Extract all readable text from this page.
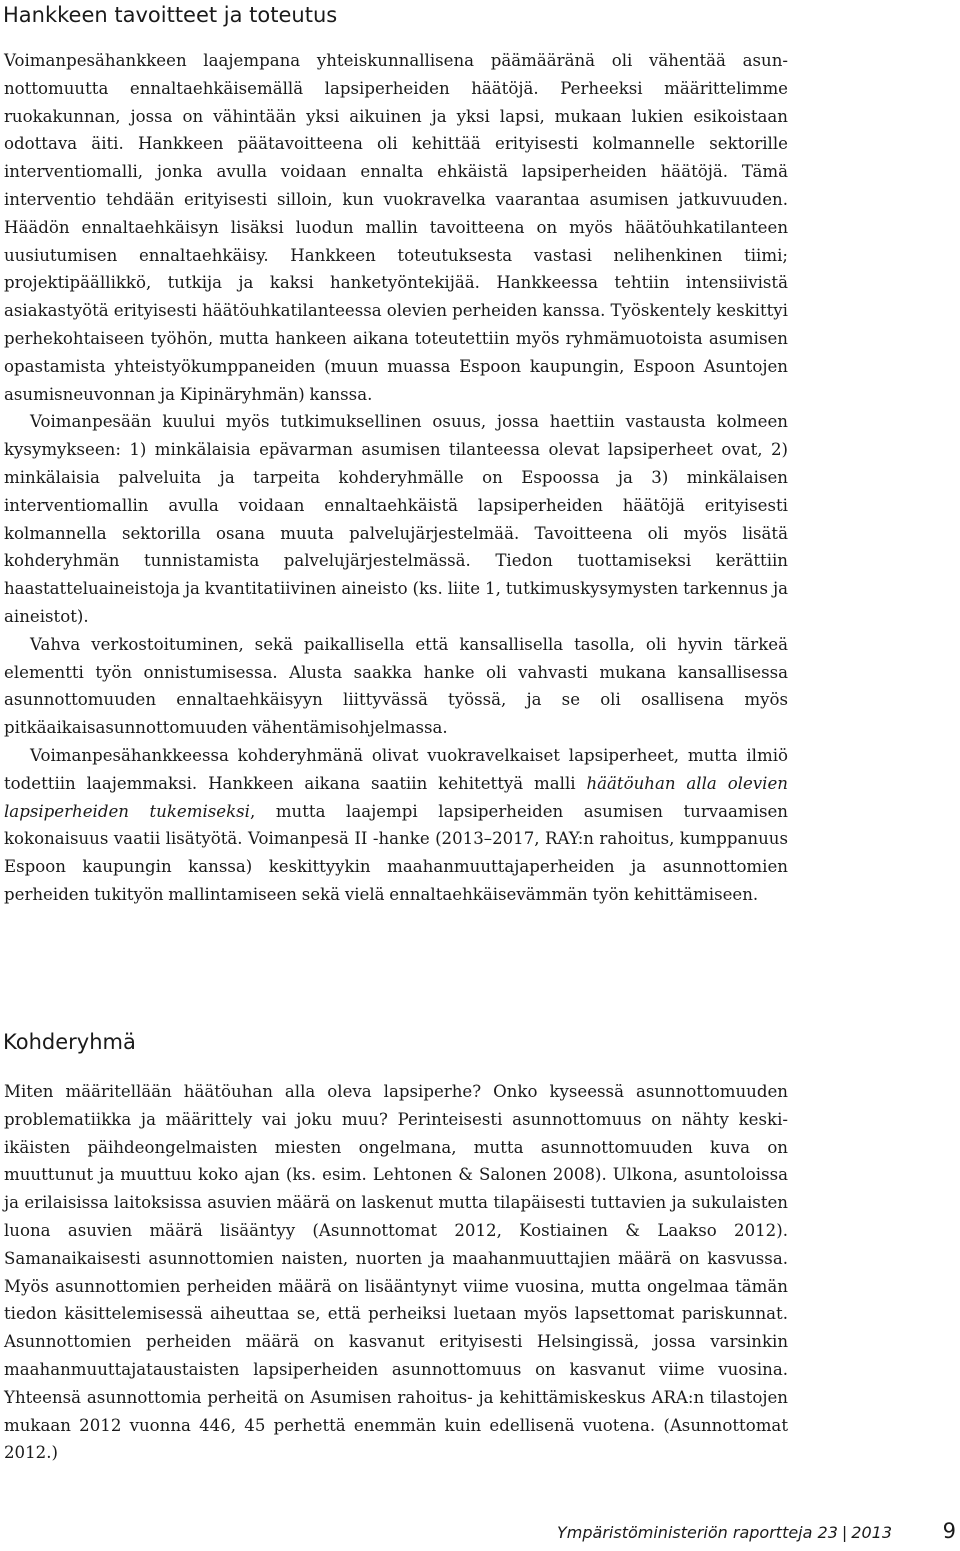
Hankkeen tavoitteet ja toteutus

Voimanpesähankkeen laajempana yhteiskunnallisena päämääränä oli vähentää asunnottomuutta ennaltaehkäisemällä lapsiperheiden häätöjä. Perheeksi määrittelimme ruokakunnan, jossa on vähintään yksi aikuinen ja yksi lapsi, mukaan lukien esikoistaan odottava äiti. Hankkeen päätavoitteena oli kehittää erityisesti kolmannelle sektorille interventiomalli, jonka avulla voidaan ennalta ehkäistä lapsiperheiden häätöjä. Tämä interventio tehdään erityisesti silloin, kun vuokravelka vaarantaa asumisen jatkuvuuden. Häädön ennaltaehkäisyn lisäksi luodun mallin tavoitteena on myös häätöuhkatilanteen uusiutumisen ennaltaehkäisy. Hankkeen toteutuksesta vastasi nelihenkinen tiimi; projektipäällikkö, tutkija ja kaksi hanketyöntekijää. Hankkeessa tehtiin intensiivistä asiakastyötä erityisesti häätöuhkatilanteessa olevien perheiden kanssa. Työskentely keskittyi perhekohtaiseen työhön, mutta hankeen aikana toteutettiin myös ryhmämuotoista asumisen opastamista yhteistyökumppaneiden (muun muassa Espoon kaupungin, Espoon Asuntojen asumisneuvonnan ja Kipinäryhmän) kanssa.

Voimanpesään kuului myös tutkimuksellinen osuus, jossa haettiin vastausta kolmeen kysymykseen: 1) minkälaisia epävarman asumisen tilanteessa olevat lapsiperheet ovat, 2) minkälaisia palveluita ja tarpeita kohderyhmälle on Espoossa ja 3) minkälaisen interventiomallin avulla voidaan ennaltaehkäistä lapsiperheiden häätöjä erityisesti kolmannella sektorilla osana muuta palvelujärjestelmää. Tavoitteena oli myös lisätä kohderyhmän tunnistamista palvelujärjestelmässä. Tiedon tuottamiseksi kerättiin haastatteluaineistoja ja kvantitatiivinen aineisto (ks. liite 1, tutkimuskysymysten tarkennus ja aineistot).

Vahva verkostoituminen, sekä paikallisella että kansallisella tasolla, oli hyvin tärkeä elementti työn onnistumisessa. Alusta saakka hanke oli vahvasti mukana kansallisessa asunnottomuuden ennaltaehkäisyyn liittyvässä työssä, ja se oli osallisena myös pitkäaikaisasunnottomuuden vähentämisohjelmassa.

Voimanpesähankkeessa kohderyhmänä olivat vuokravelkaiset lapsiperheet, mutta ilmiö todettiin laajemmaksi. Hankkeen aikana saatiin kehitettyä malli häätöuhan alla olevien lapsiperheiden tukemiseksi, mutta laajempi lapsiperheiden asumisen turvaamisen kokonaisuus vaatii lisätyötä. Voimanpesä II -hanke (2013–2017, RAY:n rahoitus, kumppanuus Espoon kaupungin kanssa) keskittyykin maahanmuuttajaperheiden ja asunnottomien perheiden tukityön mallintamiseen sekä vielä ennaltaehkäisevämmän työn kehittämiseen.

Kohderyhmä

Miten määritellään häätöuhan alla oleva lapsiperhe? Onko kyseessä asunnottomuuden problematiikka ja määrittely vai joku muu? Perinteisesti asunnottomuus on nähty keski-ikäisten päihdeongelmaisten miesten ongelmana, mutta asunnottomuuden kuva on muuttunut ja muuttuu koko ajan (ks. esim. Lehtonen & Salonen 2008). Ulkona, asuntoloissa ja erilaisissa laitoksissa asuvien määrä on laskenut mutta tilapäisesti tuttavien ja sukulaisten luona asuvien määrä lisääntyy (Asunnottomat 2012, Kostiainen & Laakso 2012). Samanaikaisesti asunnottomien naisten, nuorten ja maahanmuuttajien määrä on kasvussa. Myös asunnottomien perheiden määrä on lisääntynyt viime vuosina, mutta ongelmaa tämän tiedon käsittelemisessä aiheuttaa se, että perheiksi luetaan myös lapsettomat pariskunnat. Asunnottomien perheiden määrä on kasvanut erityisesti Helsingissä, jossa varsinkin maahanmuuttajataustaisten lapsiperheiden asunnottomuus on kasvanut viime vuosina. Yhteensä asunnottomia perheitä on Asumisen rahoitus- ja kehittämiskeskus ARA:n tilastojen mukaan 2012 vuonna 446, 45 perhettä enemmän kuin edellisenä vuotena. (Asunnottomat 2012.)

Ympäristöministeriön raportteja 23 | 2013 9
